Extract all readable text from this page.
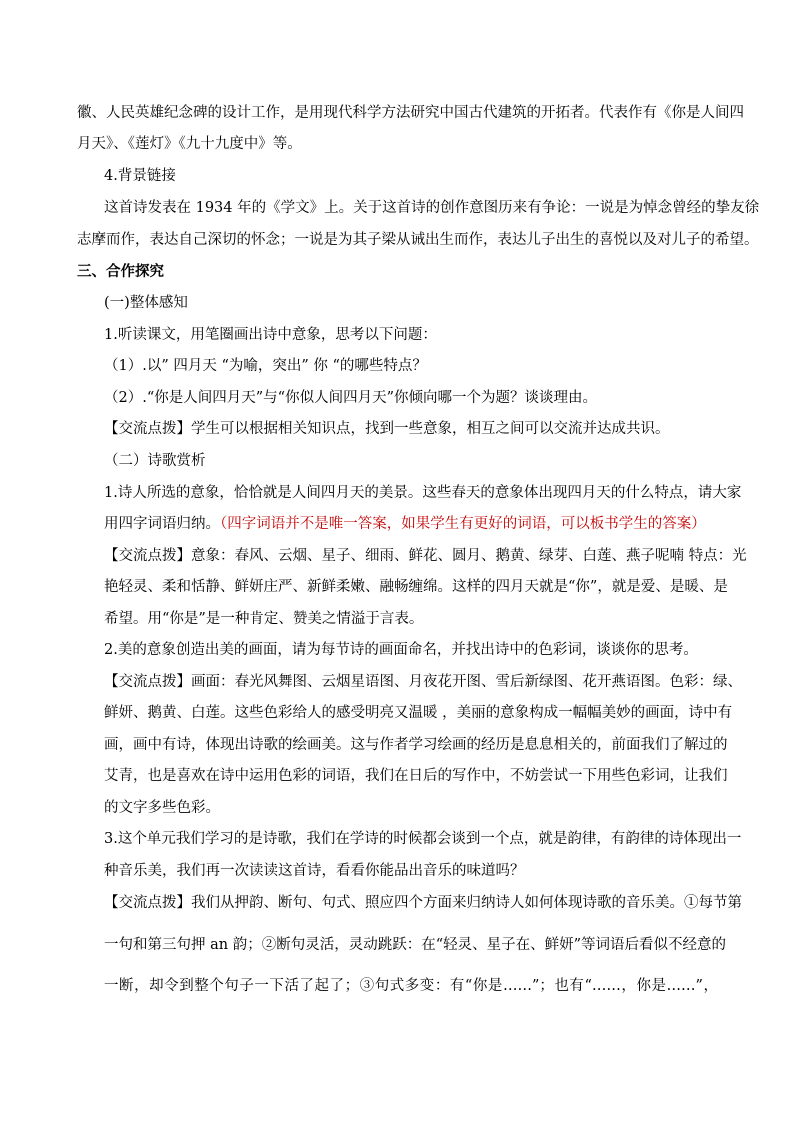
徽、人民英雄纪念碑的设计工作，是用现代科学方法研究中国古代建筑的开拓者。代表作有《你是人间四
月天》、《莲灯》《九十九度中》等。
4.背景链接
这首诗发表在 1934 年的《学文》上。关于这首诗的创作意图历来有争论：一说是为悼念曾经的挚友徐
志摩而作，表达自己深切的怀念；一说是为其子梁从诫出生而作，表达儿子出生的喜悦以及对儿子的希望。
三、合作探究
(一)整体感知
1.听读课文，用笔圈画出诗中意象，思考以下问题：
（1）.以” 四月天 “为喻，突出” 你 “的哪些特点？
（2）.“你是人间四月天”与“你似人间四月天”你倾向哪一个为题？谈谈理由。
【交流点拨】学生可以根据相关知识点，找到一些意象，相互之间可以交流并达成共识。
（二）诗歌赏析
1.诗人所选的意象，恰恰就是人间四月天的美景。这些春天的意象体出现四月天的什么特点，请大家
用四字词语归纳。（四字词语并不是唯一答案，如果学生有更好的词语，可以板书学生的答案）
【交流点拨】意象：春风、云烟、星子、细雨、鲜花、圆月、鹅黄、绿芽、白莲、燕子呢喃 特点：光
艳轻灵、柔和恬静、鲜妍庄严、新鲜柔嫩、融畅缠绵。这样的四月天就是“你”，就是爱、是暖、是
希望。用“你是”是一种肯定、赞美之情溢于言表。
2.美的意象创造出美的画面，请为每节诗的画面命名，并找出诗中的色彩词，谈谈你的思考。
【交流点拨】画面：春光风舞图、云烟星语图、月夜花开图、雪后新绿图、花开燕语图。色彩：绿、
鲜妍、鹅黄、白莲。这些色彩给人的感受明亮又温暖 ，美丽的意象构成一幅幅美妙的画面，诗中有
画，画中有诗，体现出诗歌的绘画美。这与作者学习绘画的经历是息息相关的，前面我们了解过的
艾青，也是喜欢在诗中运用色彩的词语，我们在日后的写作中，不妨尝试一下用些色彩词，让我们
的文字多些色彩。
3.这个单元我们学习的是诗歌，我们在学诗的时候都会谈到一个点，就是韵律，有韵律的诗体现出一
种音乐美，我们再一次读读这首诗，看看你能品出音乐的味道吗？
【交流点拨】我们从押韵、断句、句式、照应四个方面来归纳诗人如何体现诗歌的音乐美。①每节第
一句和第三句押 an 韵；②断句灵活，灵动跳跃：在“轻灵、星子在、鲜妍”等词语后看似不经意的
一断，却令到整个句子一下活了起了；③句式多变：有“你是……”；也有“……，你是……”，
